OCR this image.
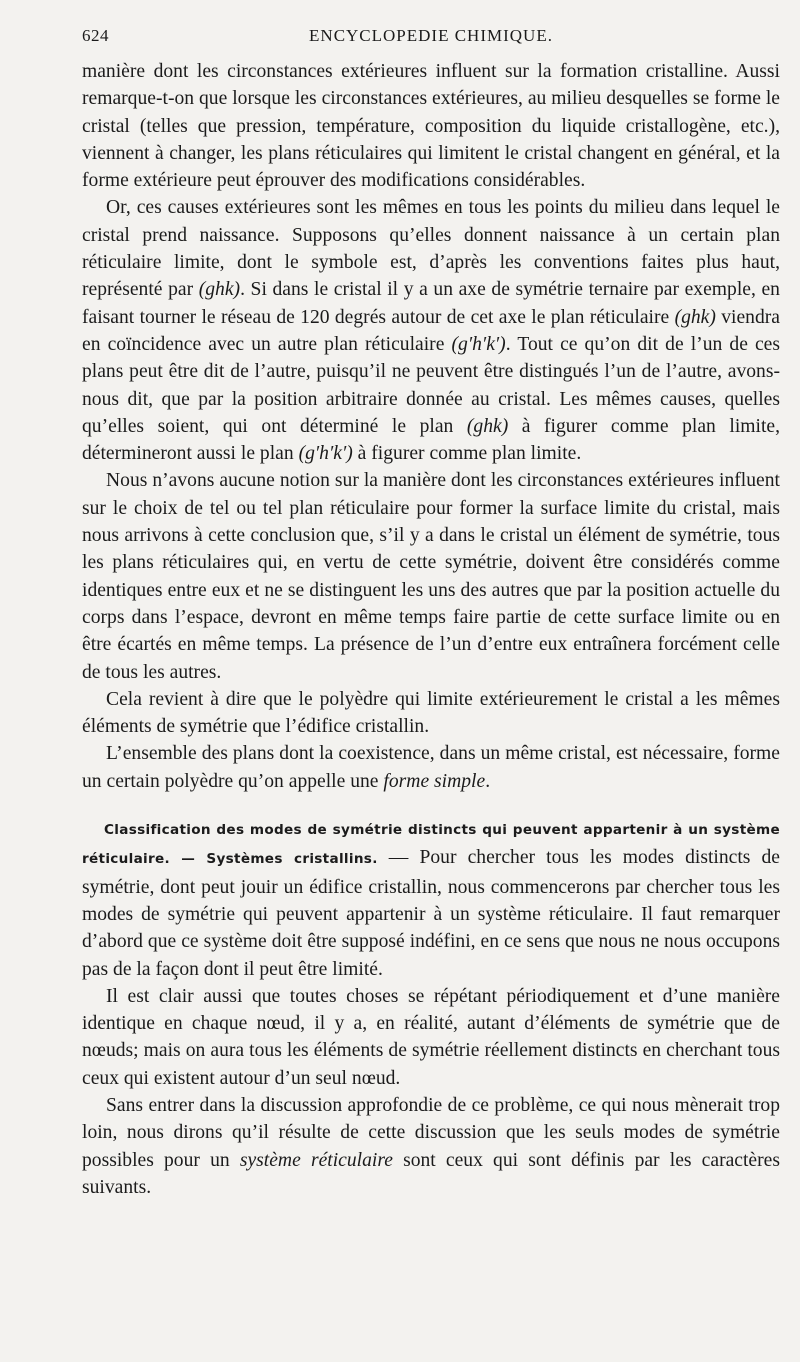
624	ENCYCLOPEDIE CHIMIQUE.

manière dont les circonstances extérieures influent sur la formation cristalline. Aussi remarque-t-on que lorsque les circonstances extérieures, au milieu desquelles se forme le cristal (telles que pression, température, composition du liquide cristallogène, etc.), viennent à changer, les plans réticulaires qui limitent le cristal changent en général, et la forme extérieure peut éprouver des modifications considérables.

Or, ces causes extérieures sont les mêmes en tous les points du milieu dans lequel le cristal prend naissance. Supposons qu’elles donnent naissance à un certain plan réticulaire limite, dont le symbole est, d’après les conventions faites plus haut, représenté par (ghk). Si dans le cristal il y a un axe de symétrie ternaire par exemple, en faisant tourner le réseau de 120 degrés autour de cet axe le plan réticulaire (ghk) viendra en coïncidence avec un autre plan réticulaire (g′h′k′). Tout ce qu’on dit de l’un de ces plans peut être dit de l’autre, puisqu’il ne peuvent être distingués l’un de l’autre, avons-nous dit, que par la position arbitraire donnée au cristal. Les mêmes causes, quelles qu’elles soient, qui ont déterminé le plan (ghk) à figurer comme plan limite, détermineront aussi le plan (g′h′k′) à figurer comme plan limite.

Nous n’avons aucune notion sur la manière dont les circonstances extérieures influent sur le choix de tel ou tel plan réticulaire pour former la surface limite du cristal, mais nous arrivons à cette conclusion que, s’il y a dans le cristal un élément de symétrie, tous les plans réticulaires qui, en vertu de cette symétrie, doivent être considérés comme identiques entre eux et ne se distinguent les uns des autres que par la position actuelle du corps dans l’espace, devront en même temps faire partie de cette surface limite ou en être écartés en même temps. La présence de l’un d’entre eux entraînera forcément celle de tous les autres.

Cela revient à dire que le polyèdre qui limite extérieurement le cristal a les mêmes éléments de symétrie que l’édifice cristallin.

L’ensemble des plans dont la coexistence, dans un même cristal, est nécessaire, forme un certain polyèdre qu’on appelle une forme simple.

Classification des modes de symétrie distincts qui peuvent appartenir à un système réticulaire. — Systèmes cristallins. — Pour chercher tous les modes distincts de symétrie, dont peut jouir un édifice cristallin, nous commencerons par chercher tous les modes de symétrie qui peuvent appartenir à un système réticulaire. Il faut remarquer d’abord que ce système doit être supposé indéfini, en ce sens que nous ne nous occupons pas de la façon dont il peut être limité.

Il est clair aussi que toutes choses se répétant périodiquement et d’une manière identique en chaque nœud, il y a, en réalité, autant d’éléments de symétrie que de nœuds; mais on aura tous les éléments de symétrie réellement distincts en cherchant tous ceux qui existent autour d’un seul nœud.

Sans entrer dans la discussion approfondie de ce problème, ce qui nous mènerait trop loin, nous dirons qu’il résulte de cette discussion que les seuls modes de symétrie possibles pour un système réticulaire sont ceux qui sont définis par les caractères suivants.
